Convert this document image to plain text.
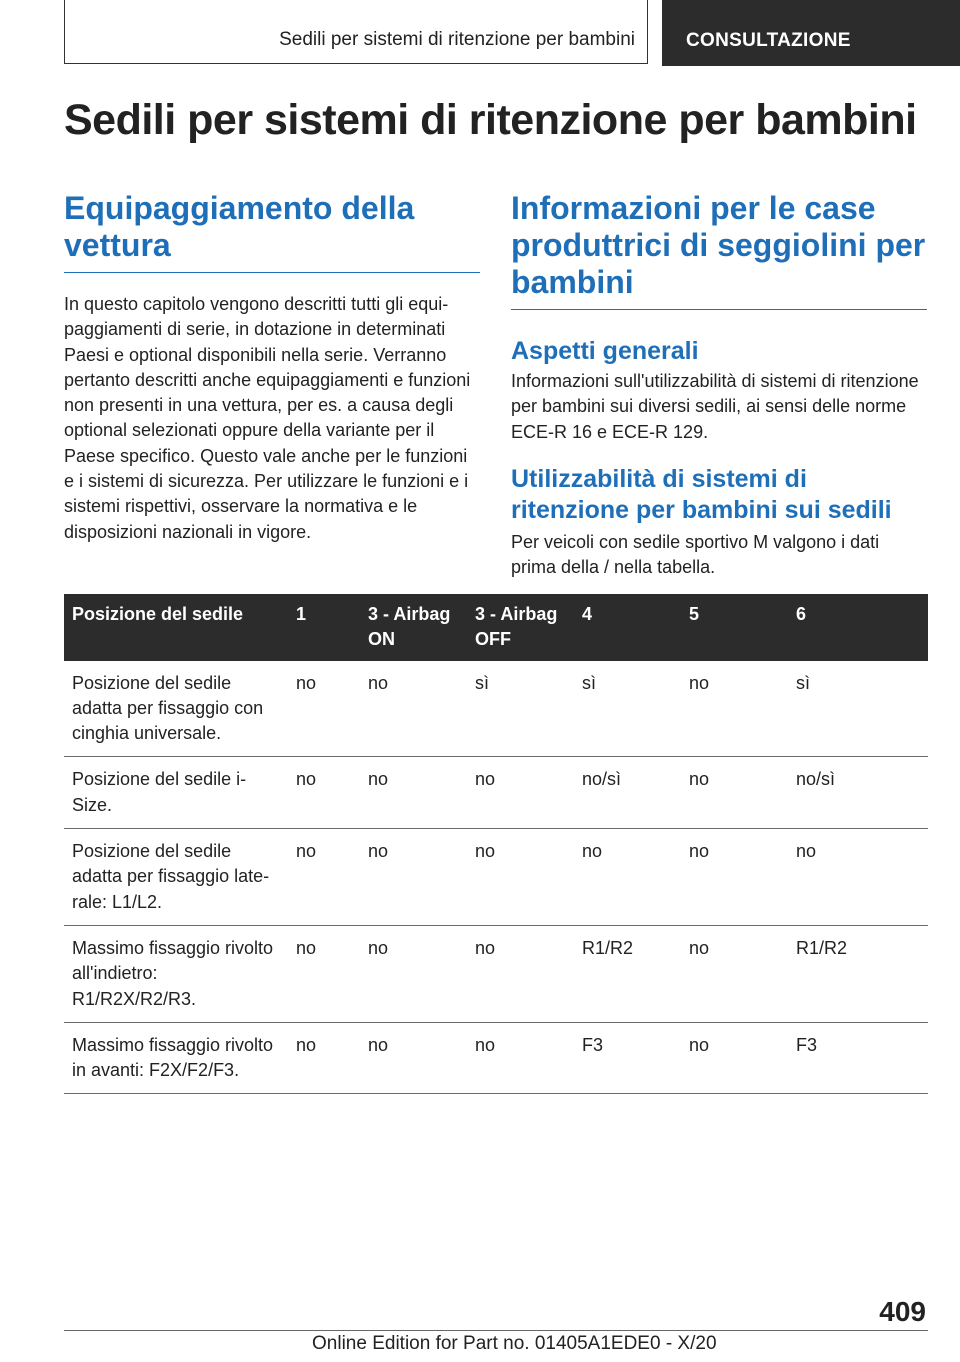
Sedili per sistemi di ritenzione per bambini	CONSULTAZIONE
Sedili per sistemi di ritenzione per bambini
Equipaggiamento della vettura

In questo capitolo vengono descritti tutti gli equipaggiamenti di serie, in dotazione in determinati Paesi e optional disponibili nella serie. Verranno pertanto descritti anche equipaggiamenti e funzioni non presenti in una vettura, per es. a causa degli optional selezionati oppure della variante per il Paese specifico. Questo vale anche per le funzioni e i sistemi di sicurezza. Per utilizzare le funzioni e i sistemi rispettivi, osservare la normativa e le disposizioni nazionali in vigore.

Informazioni per le case produttrici di seggiolini per bambini
Aspetti generali

Informazioni sull'utilizzabilità di sistemi di ritenzione per bambini sui diversi sedili, ai sensi delle norme ECE-R 16 e ECE-R 129.

Utilizzabilità di sistemi di ritenzione per bambini sui sedili

Per veicoli con sedile sportivo M valgono i dati prima della / nella tabella.

Posizione del sedile	1	3 - Airbag ON	3 - Airbag OFF	4	5	6
Posizione del sedile adatta per fissaggio con cinghia universale.	no	no	sì	sì	no	sì
Posizione del sedile i-Size.	no	no	no	no/sì	no	no/sì
Posizione del sedile adatta per fissaggio laterale: L1/L2.	no	no	no	no	no	no
Massimo fissaggio rivolto all'indietro: R1/R2X/R2/R3.	no	no	no	R1/R2	no	R1/R2
Massimo fissaggio rivolto in avanti: F2X/F2/F3.	no	no	no	F3	no	F3
409
Online Edition for Part no. 01405A1EDE0 - X/20
